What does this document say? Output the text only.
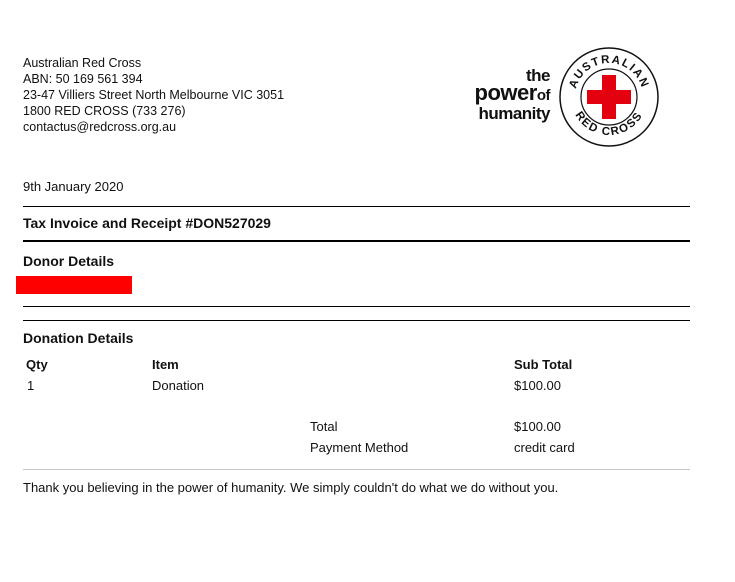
Australian Red Cross
ABN: 50 169 561 394
23-47 Villiers Street North Melbourne VIC 3051
1800 RED CROSS (733 276)
contactus@redcross.org.au
the
powerof
humanity
AUSTRALIAN
RED CROSS
9th January 2020
Tax Invoice and Receipt #DON527029
Donor Details
Donation Details
Qty	Item	Sub Total
1	Donation	$100.00
Total	$100.00
Payment Method	credit card
Thank you believing in the power of humanity. We simply couldn't do what we do without you.
